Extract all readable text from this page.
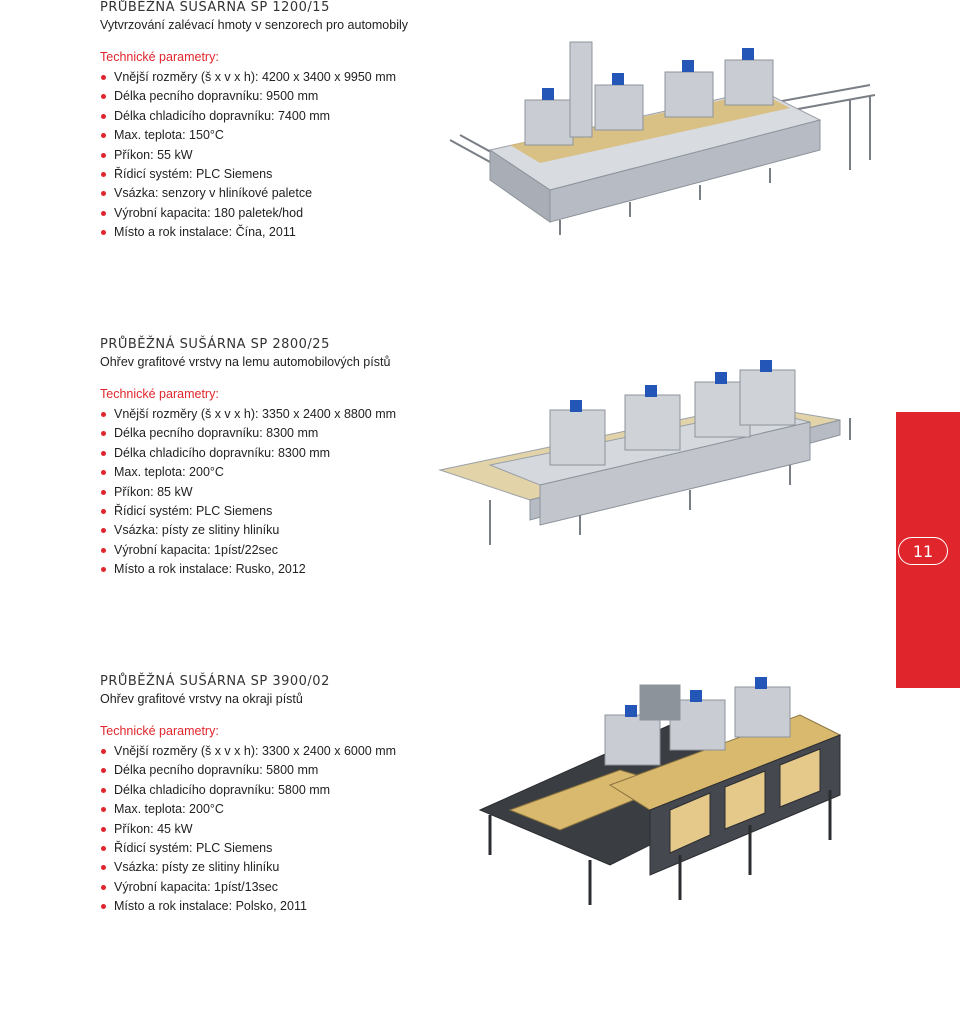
PRŮBĚŽNÁ SUŠÁRNA SP 1200/15
Vytvrzování zalévací hmoty v senzorech pro automobily
Technické parametry:
Vnější rozměry (š x v x h): 4200 x 3400 x 9950 mm
Délka pecního dopravníku: 9500 mm
Délka chladicího dopravníku: 7400 mm
Max. teplota: 150°C
Příkon: 55 kW
Řídicí systém: PLC Siemens
Vsázka: senzory v hliníkové paletce
Výrobní kapacita: 180 paletek/hod
Místo a rok instalace: Čína, 2011
PRŮBĚŽNÁ SUŠÁRNA SP 2800/25
Ohřev grafitové vrstvy na lemu automobilových pístů
Technické parametry:
Vnější rozměry (š x v x h): 3350 x 2400 x 8800 mm
Délka pecního dopravníku: 8300 mm
Délka chladicího dopravníku: 8300 mm
Max. teplota: 200°C
Příkon: 85 kW
Řídicí systém: PLC Siemens
Vsázka: písty ze slitiny hliníku
Výrobní kapacita: 1píst/22sec
Místo a rok instalace: Rusko, 2012
11
PRŮBĚŽNÁ SUŠÁRNA SP 3900/02
Ohřev grafitové vrstvy na okraji pístů
Technické parametry:
Vnější rozměry (š x v x h): 3300 x 2400 x 6000 mm
Délka pecního dopravníku: 5800 mm
Délka chladicího dopravníku: 5800 mm
Max. teplota: 200°C
Příkon: 45 kW
Řídicí systém: PLC Siemens
Vsázka: písty ze slitiny hliníku
Výrobní kapacita: 1píst/13sec
Místo a rok instalace: Polsko, 2011
